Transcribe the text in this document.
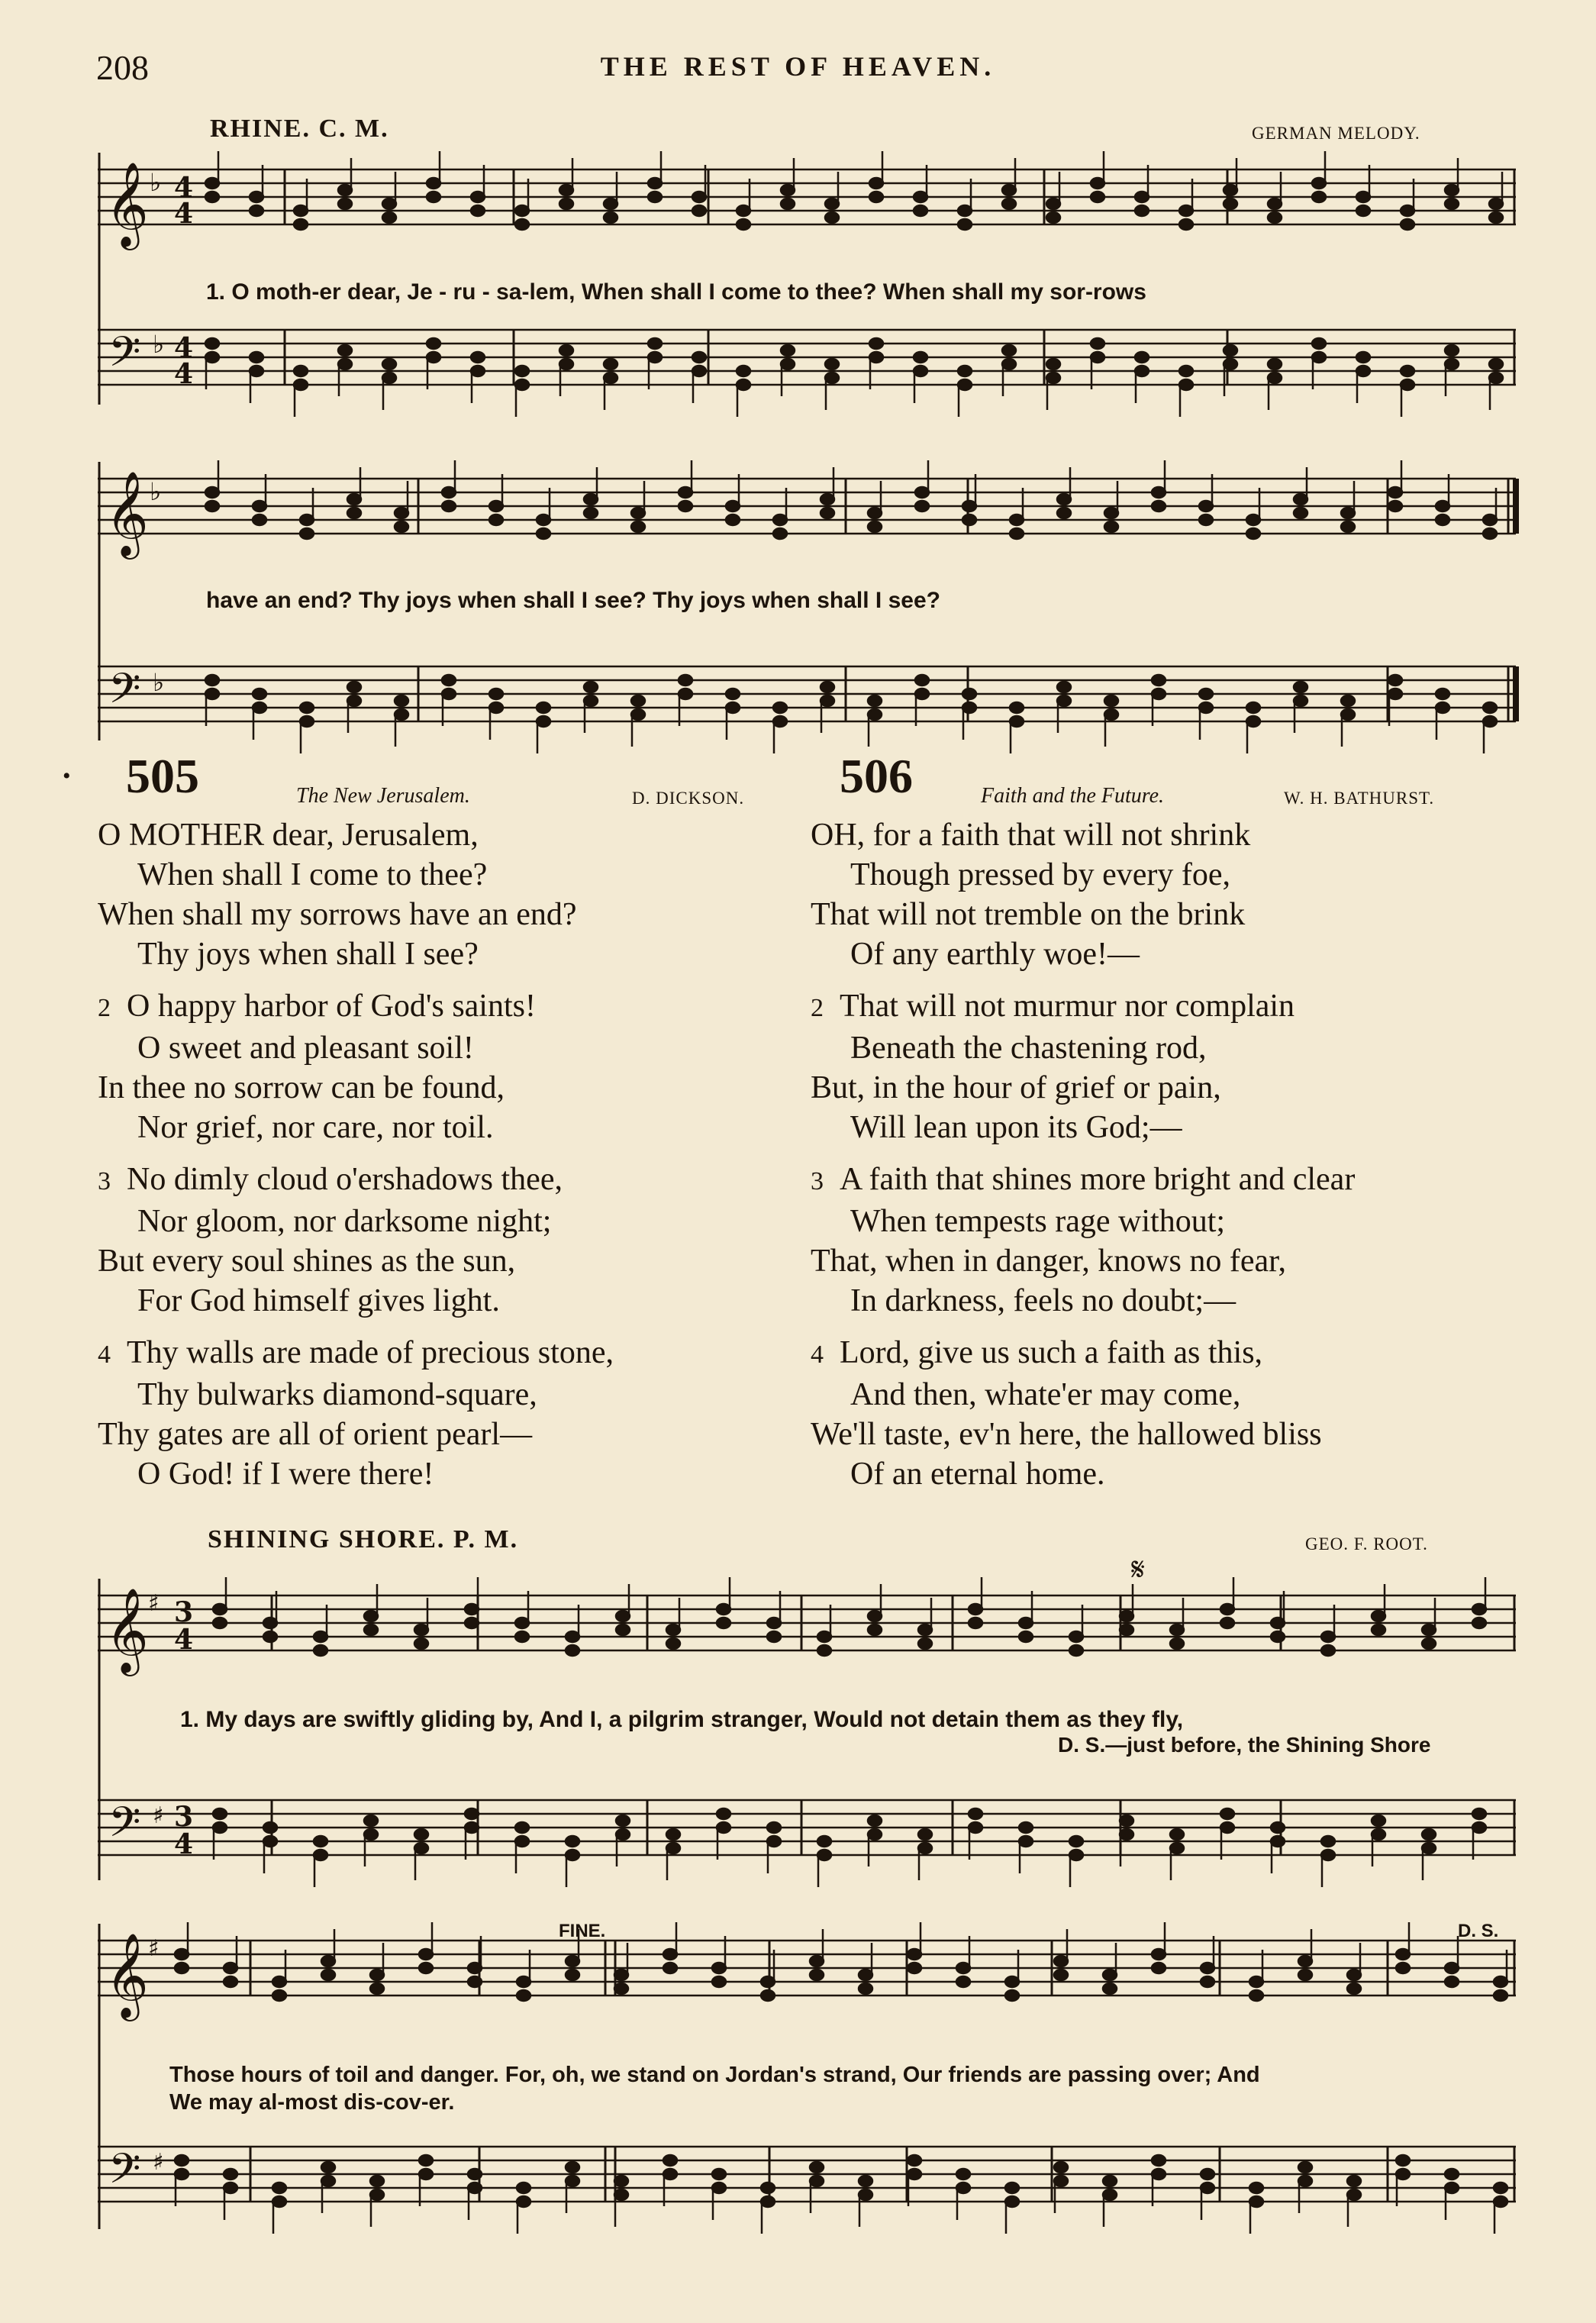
208	THE REST OF HEAVEN.
RHINE. C. M.	GERMAN MELODY.
𝄞 ♭ 4
4
𝄢 ♭ 4
4
1. O moth-er dear, Je - ru - sa-lem, When shall I come to thee? When shall my sor-rows
𝄞 ♭
𝄢 ♭
have an end? Thy joys when shall I see? Thy joys when shall I see?
• 505	The New Jerusalem.	D. DICKSON.
O MOTHER dear, Jerusalem,
When shall I come to thee?
When shall my sorrows have an end?
Thy joys when shall I see?
2 O happy harbor of God's saints!
O sweet and pleasant soil!
In thee no sorrow can be found,
Nor grief, nor care, nor toil.
3 No dimly cloud o'ershadows thee,
Nor gloom, nor darksome night;
But every soul shines as the sun,
For God himself gives light.
4 Thy walls are made of precious stone,
Thy bulwarks diamond-square,
Thy gates are all of orient pearl—
O God! if I were there!
506	Faith and the Future.	W. H. BATHURST.
OH, for a faith that will not shrink
Though pressed by every foe,
That will not tremble on the brink
Of any earthly woe!—
2 That will not murmur nor complain
Beneath the chastening rod,
But, in the hour of grief or pain,
Will lean upon its God;—
3 A faith that shines more bright and clear
When tempests rage without;
That, when in danger, knows no fear,
In darkness, feels no doubt;—
4 Lord, give us such a faith as this,
And then, whate'er may come,
We'll taste, ev'n here, the hallowed bliss
Of an eternal home.
SHINING SHORE. P. M.	GEO. F. ROOT.
𝄞 ♯ 3
4
𝄢 ♯ 3
4
𝄋
1. My days are swiftly gliding by, And I, a pilgrim stranger, Would not detain them as they fly,
D. S.—just before, the Shining Shore
𝄞 ♯
𝄢 ♯
FINE.	D. S.
Those hours of toil and danger. For, oh, we stand on Jordan's strand, Our friends are passing over; And
We may al-most dis-cov-er.
